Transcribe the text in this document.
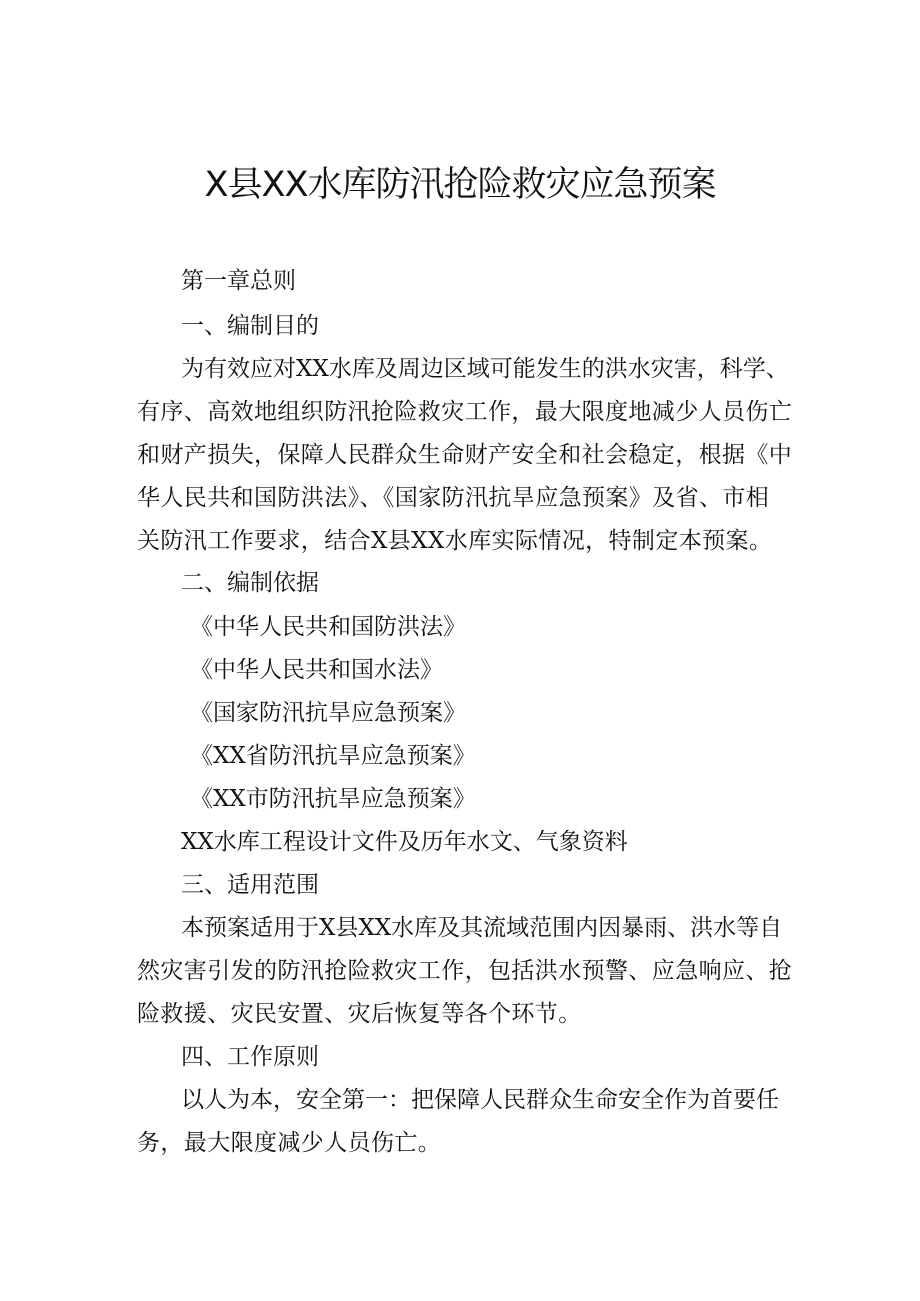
X县XX水库防汛抢险救灾应急预案
第一章总则
一、编制目的
为有效应对XX水库及周边区域可能发生的洪水灾害，科学、
有序、高效地组织防汛抢险救灾工作，最大限度地减少人员伤亡
和财产损失，保障人民群众生命财产安全和社会稳定，根据《中
华人民共和国防洪法》、《国家防汛抗旱应急预案》及省、市相
关防汛工作要求，结合X县XX水库实际情况，特制定本预案。
二、编制依据
《中华人民共和国防洪法》
《中华人民共和国水法》
《国家防汛抗旱应急预案》
《XX省防汛抗旱应急预案》
《XX市防汛抗旱应急预案》
XX水库工程设计文件及历年水文、气象资料
三、适用范围
本预案适用于X县XX水库及其流域范围内因暴雨、洪水等自
然灾害引发的防汛抢险救灾工作，包括洪水预警、应急响应、抢
险救援、灾民安置、灾后恢复等各个环节。
四、工作原则
以人为本，安全第一：把保障人民群众生命安全作为首要任
务，最大限度减少人员伤亡。
